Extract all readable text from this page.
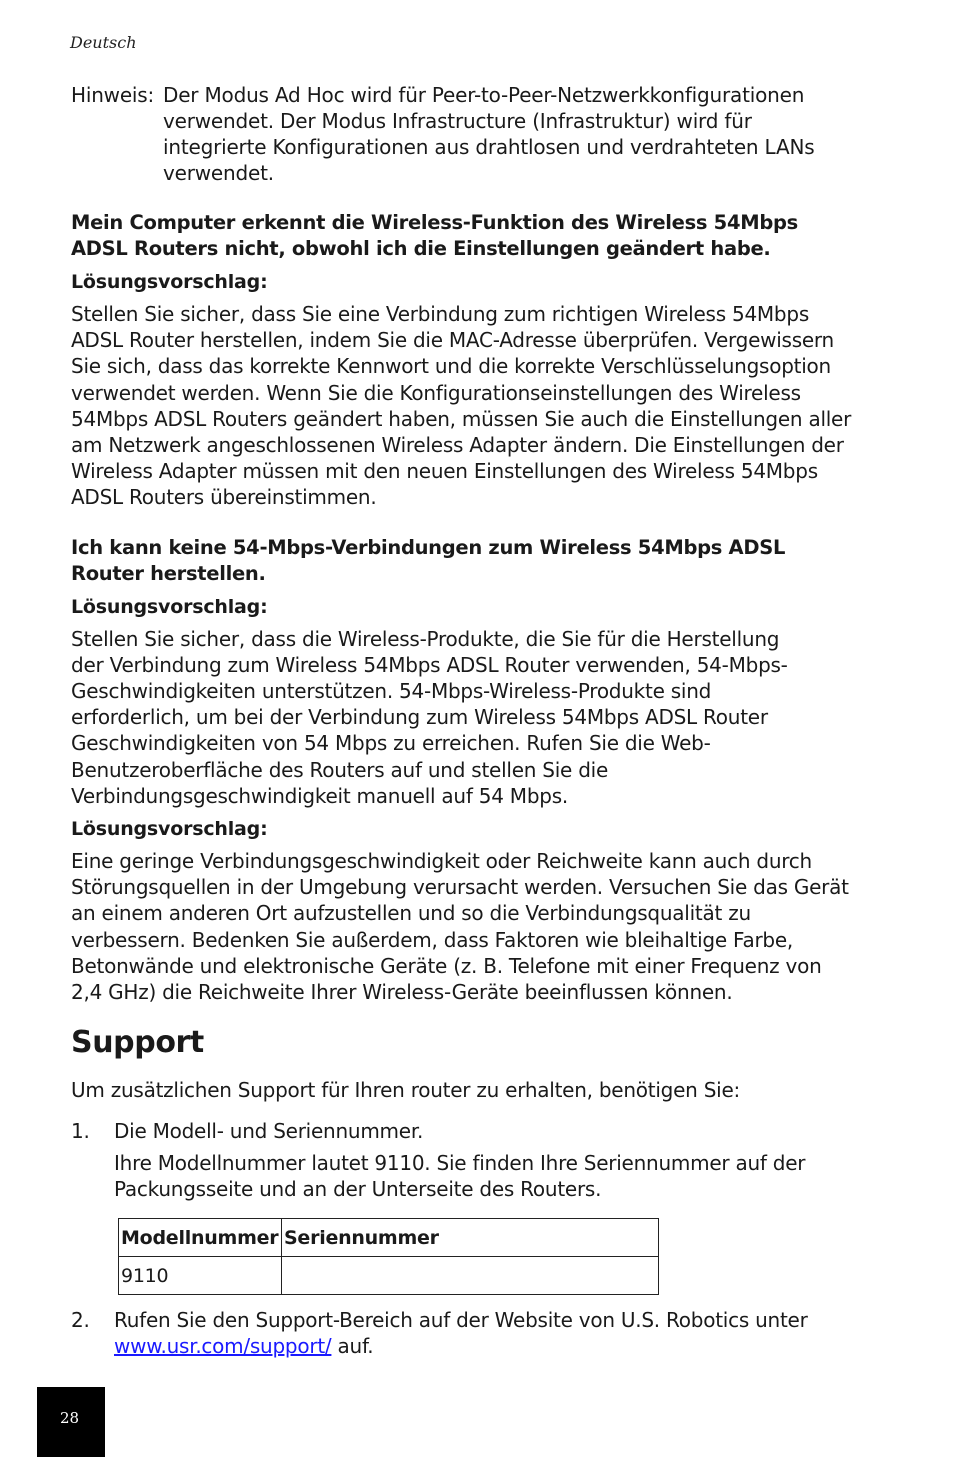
Deutsch
Hinweis: Der Modus Ad Hoc wird für Peer-to-Peer-Netzwerkkonfigurationen verwendet. Der Modus Infrastructure (Infrastruktur) wird für integrierte Konfigurationen aus drahtlosen und verdrahteten LANs verwendet.
Mein Computer erkennt die Wireless-Funktion des Wireless 54Mbps ADSL Routers nicht, obwohl ich die Einstellungen geändert habe.
Lösungsvorschlag:

Stellen Sie sicher, dass Sie eine Verbindung zum richtigen Wireless 54Mbps ADSL Router herstellen, indem Sie die MAC-Adresse überprüfen. Vergewissern Sie sich, dass das korrekte Kennwort und die korrekte Verschlüsselungsoption verwendet werden. Wenn Sie die Konfigurationseinstellungen des Wireless 54Mbps ADSL Routers geändert haben, müssen Sie auch die Einstellungen aller am Netzwerk angeschlossenen Wireless Adapter ändern. Die Einstellungen der Wireless Adapter müssen mit den neuen Einstellungen des Wireless 54Mbps ADSL Routers übereinstimmen.

Ich kann keine 54-Mbps-Verbindungen zum Wireless 54Mbps ADSL Router herstellen.
Lösungsvorschlag:

Stellen Sie sicher, dass die Wireless-Produkte, die Sie für die Herstellung der Verbindung zum Wireless 54Mbps ADSL Router verwenden, 54-Mbps-Geschwindigkeiten unterstützen. 54-Mbps-Wireless-Produkte sind erforderlich, um bei der Verbindung zum Wireless 54Mbps ADSL Router Geschwindigkeiten von 54 Mbps zu erreichen. Rufen Sie die Web-Benutzeroberfläche des Routers auf und stellen Sie die Verbindungsgeschwindigkeit manuell auf 54 Mbps.

Lösungsvorschlag:

Eine geringe Verbindungsgeschwindigkeit oder Reichweite kann auch durch Störungsquellen in der Umgebung verursacht werden. Versuchen Sie das Gerät an einem anderen Ort aufzustellen und so die Verbindungsqualität zu verbessern. Bedenken Sie außerdem, dass Faktoren wie bleihaltige Farbe, Betonwände und elektronische Geräte (z. B. Telefone mit einer Frequenz von 2,4 GHz) die Reichweite Ihrer Wireless-Geräte beeinflussen können.

Support

Um zusätzlichen Support für Ihren router zu erhalten, benötigen Sie:

1.	Die Modell- und Seriennummer.
Ihre Modellnummer lautet 9110. Sie finden Ihre Seriennummer auf der Packungsseite und an der Unterseite des Routers.
Modellnummer	Seriennummer
9110	
2.	Rufen Sie den Support-Bereich auf der Website von U.S. Robotics unter www.usr.com/support/ auf.
28
